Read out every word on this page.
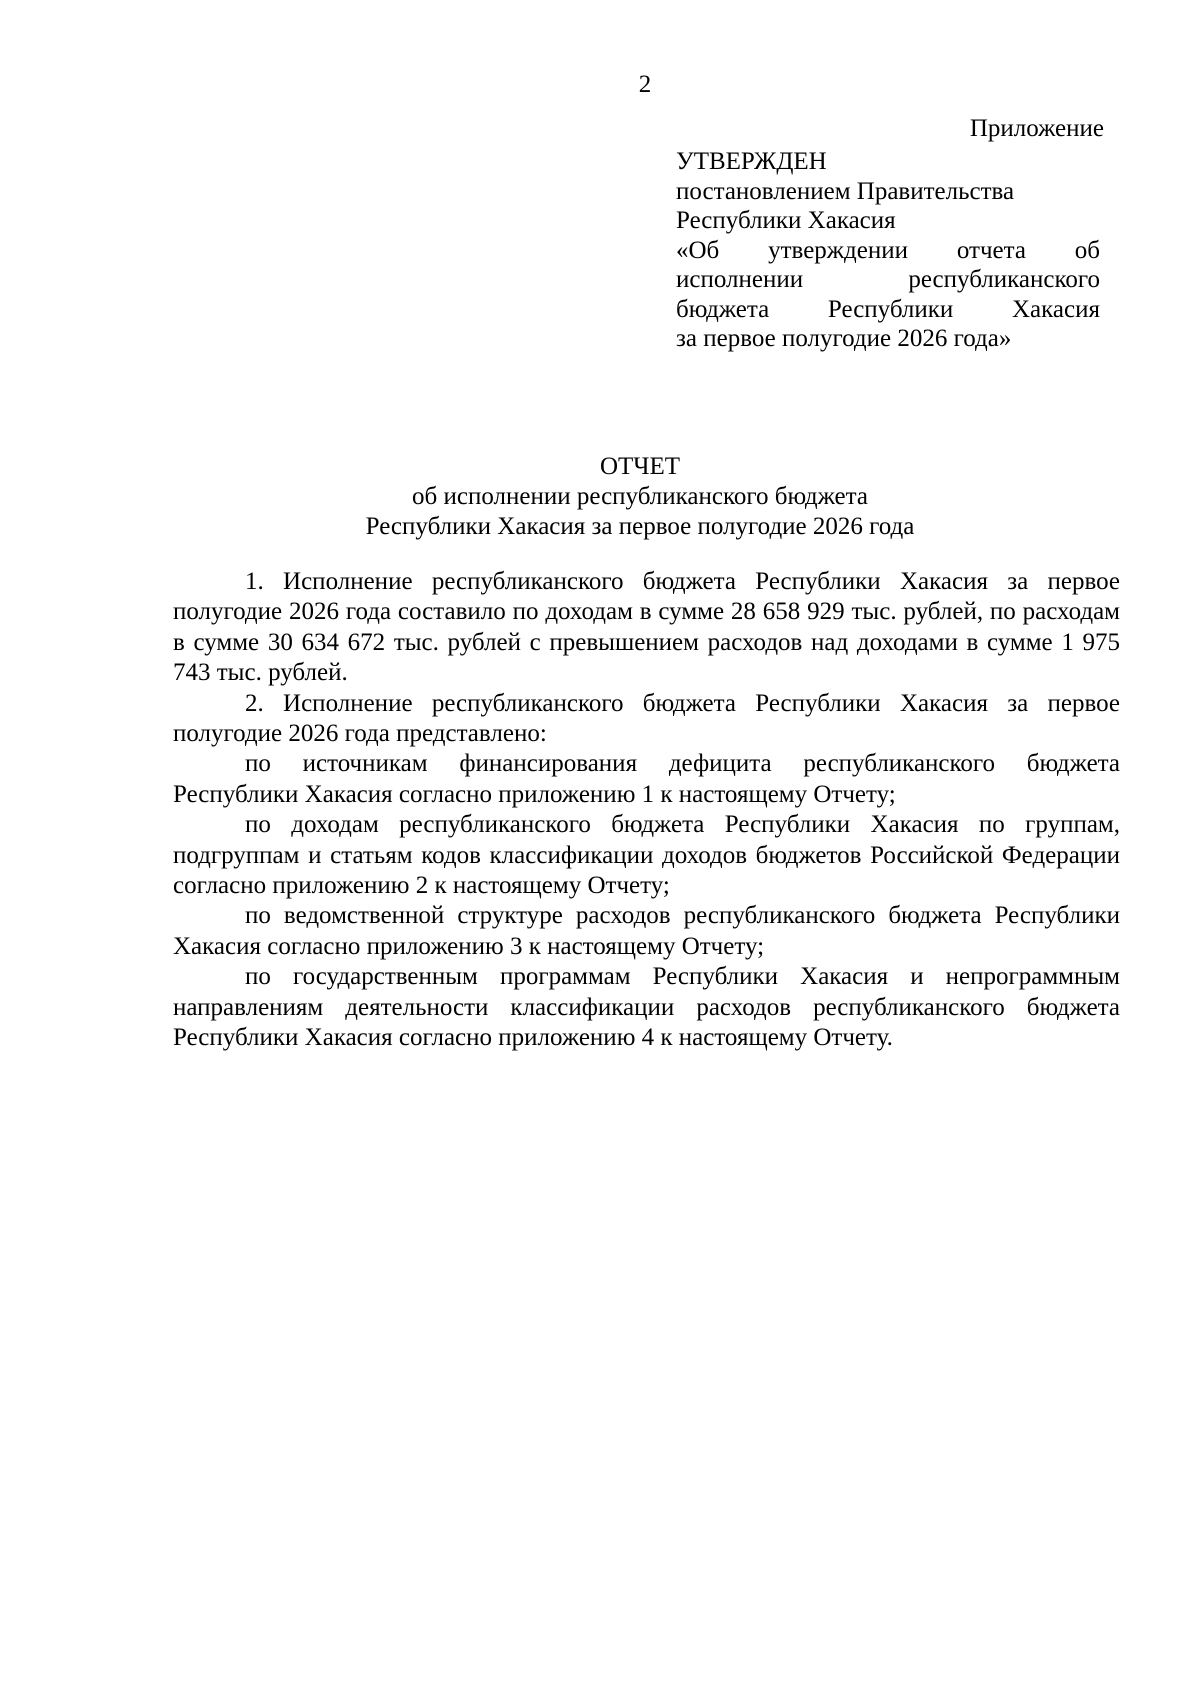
2
Приложение
УТВЕРЖДЕН
постановлением Правительства
Республики Хакасия
«Об утверждении отчета об
исполнении республиканского
бюджета Республики Хакасия
за первое полугодие 2026 года»
ОТЧЕТ
об исполнении республиканского бюджета
Республики Хакасия за первое полугодие 2026 года

1. Исполнение республиканского бюджета Республики Хакасия за первое полугодие 2026 года составило по доходам в сумме 28 658 929 тыс. рублей, по расходам в сумме 30 634 672 тыс. рублей с превышением расходов над доходами в сумме 1 975 743 тыс. рублей.

2. Исполнение республиканского бюджета Республики Хакасия за первое полугодие 2026 года представлено:

по источникам финансирования дефицита республиканского бюджета Республики Хакасия согласно приложению 1 к настоящему Отчету;

по доходам республиканского бюджета Республики Хакасия по группам, подгруппам и статьям кодов классификации доходов бюджетов Российской Федерации согласно приложению 2 к настоящему Отчету;

по ведомственной структуре расходов республиканского бюджета Республики Хакасия согласно приложению 3 к настоящему Отчету;

по государственным программам Республики Хакасия и непрограммным направлениям деятельности классификации расходов республиканского бюджета Республики Хакасия согласно приложению 4 к настоящему Отчету.
